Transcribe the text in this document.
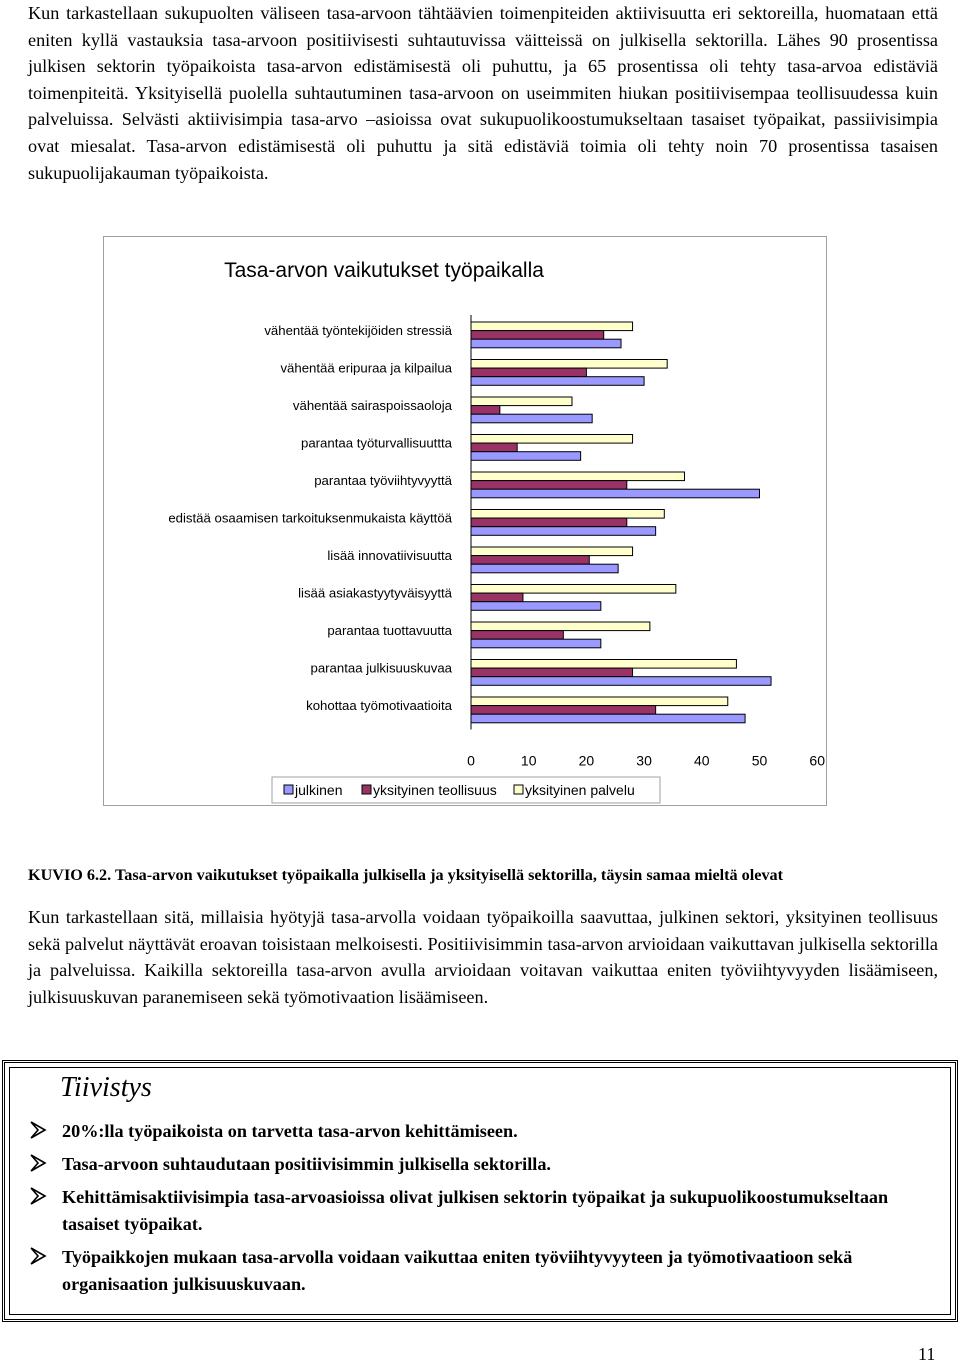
Kun tarkastellaan sukupuolten väliseen tasa-arvoon tähtäävien toimenpiteiden aktiivisuutta eri sektoreilla, huomataan että eniten kyllä vastauksia tasa-arvoon positiivisesti suhtautuvissa väitteissä on julkisella sektorilla. Lähes 90 prosentissa julkisen sektorin työpaikoista tasa-arvon edistämisestä oli puhuttu, ja 65 prosentissa oli tehty tasa-arvoa edistäviä toimenpiteitä. Yksityisellä puolella suhtautuminen tasa-arvoon on useimmiten hiukan positiivisempaa teollisuudessa kuin palveluissa. Selvästi aktiivisimpia tasa-arvo –asioissa ovat sukupuolikoostumukseltaan tasaiset työpaikat, passiivisimpia ovat miesalat. Tasa-arvon edistämisestä oli puhuttu ja sitä edistäviä toimia oli tehty noin 70 prosentissa tasaisen sukupuolijakauman työpaikoista.

Tasa-arvon vaikutukset työpaikalla
vähentää työntekijöiden stressiä
vähentää eripuraa ja kilpailua
vähentää sairaspoissaoloja
parantaa työturvallisuuttta
parantaa työviihtyvyyttä
edistää osaamisen tarkoituksenmukaista käyttöä
lisää innovatiivisuutta
lisää asiakastyytyväisyyttä
parantaa tuottavuutta
parantaa julkisuuskuvaa
kohottaa työmotivaatioita
0	10	20	30	40	50	60
julkinen yksityinen teollisuus yksityinen palvelu
KUVIO 6.2. Tasa-arvon vaikutukset työpaikalla julkisella ja yksityisellä sektorilla, täysin samaa mieltä olevat

Kun tarkastellaan sitä, millaisia hyötyjä tasa-arvolla voidaan työpaikoilla saavuttaa, julkinen sektori, yksityinen teollisuus sekä palvelut näyttävät eroavan toisistaan melkoisesti. Positiivisimmin tasa-arvon arvioidaan vaikuttavan julkisella sektorilla ja palveluissa. Kaikilla sektoreilla tasa-arvon avulla arvioidaan voitavan vaikuttaa eniten työviihtyvyyden lisäämiseen, julkisuuskuvan paranemiseen sekä työmotivaation lisäämiseen.

Tiivistys
20%:lla työpaikoista on tarvetta tasa-arvon kehittämiseen.
Tasa-arvoon suhtaudutaan positiivisimmin julkisella sektorilla.
Kehittämisaktiivisimpia tasa-arvoasioissa olivat julkisen sektorin työpaikat ja sukupuolikoostumukseltaan tasaiset työpaikat.
Työpaikkojen mukaan tasa-arvolla voidaan vaikuttaa eniten työviihtyvyyteen ja työmotivaatioon sekä organisaation julkisuuskuvaan.
11
